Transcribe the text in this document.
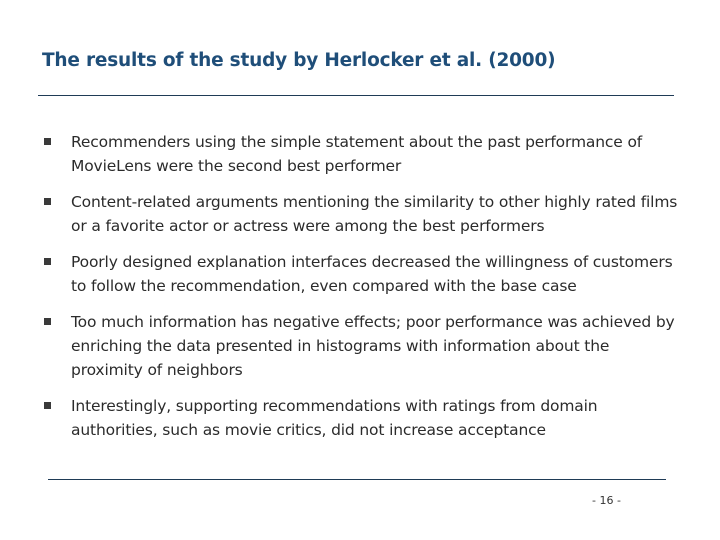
The results of the study by Herlocker et al. (2000)
Recommenders using the simple statement about the past performance of MovieLens were the second best performer
Content-related arguments mentioning the similarity to other highly rated films or a favorite actor or actress were among the best performers
Poorly designed explanation interfaces decreased the willingness of customers to follow the recommendation, even compared with the base case
Too much information has negative effects; poor performance was achieved by enriching the data presented in histograms with information about the proximity of neighbors
Interestingly, supporting recommendations with ratings from domain authorities, such as movie critics, did not increase acceptance
- 16 -
